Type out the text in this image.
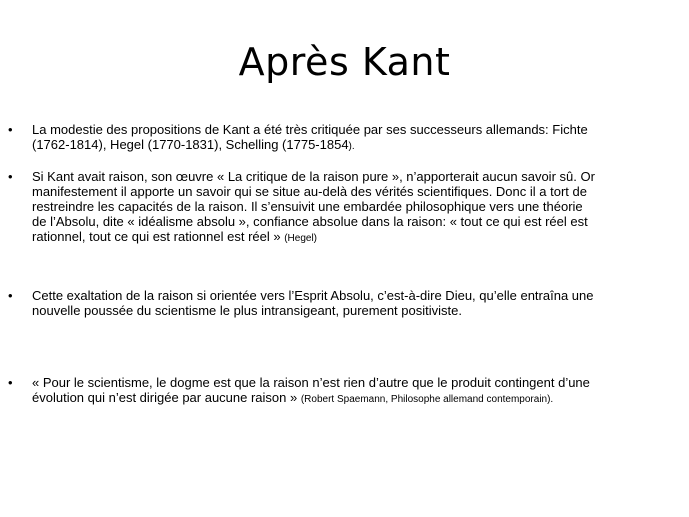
Après Kant
• La modestie des propositions de Kant a été très critiquée par ses successeurs allemands: Fichte (1762-1814), Hegel (1770-1831), Schelling (1775-1854).
• Si Kant avait raison, son œuvre « La critique de la raison pure », n’apporterait aucun savoir sû. Or manifestement il apporte un savoir qui se situe au-delà des vérités scientifiques. Donc il a tort de restreindre les capacités de la raison. Il s’ensuivit une embardée philosophique vers une théorie de l’Absolu, dite « idéalisme absolu », confiance absolue dans la raison: « tout ce qui est réel est rationnel, tout ce qui est rationnel est réel » (Hegel)
• Cette exaltation de la raison si orientée vers l’Esprit Absolu, c’est-à-dire Dieu, qu’elle entraîna une nouvelle poussée du scientisme le plus intransigeant, purement positiviste.
• « Pour le scientisme, le dogme est que la raison n’est rien d’autre que le produit contingent d’une évolution qui n’est dirigée par aucune raison » (Robert Spaemann, Philosophe allemand contemporain).
